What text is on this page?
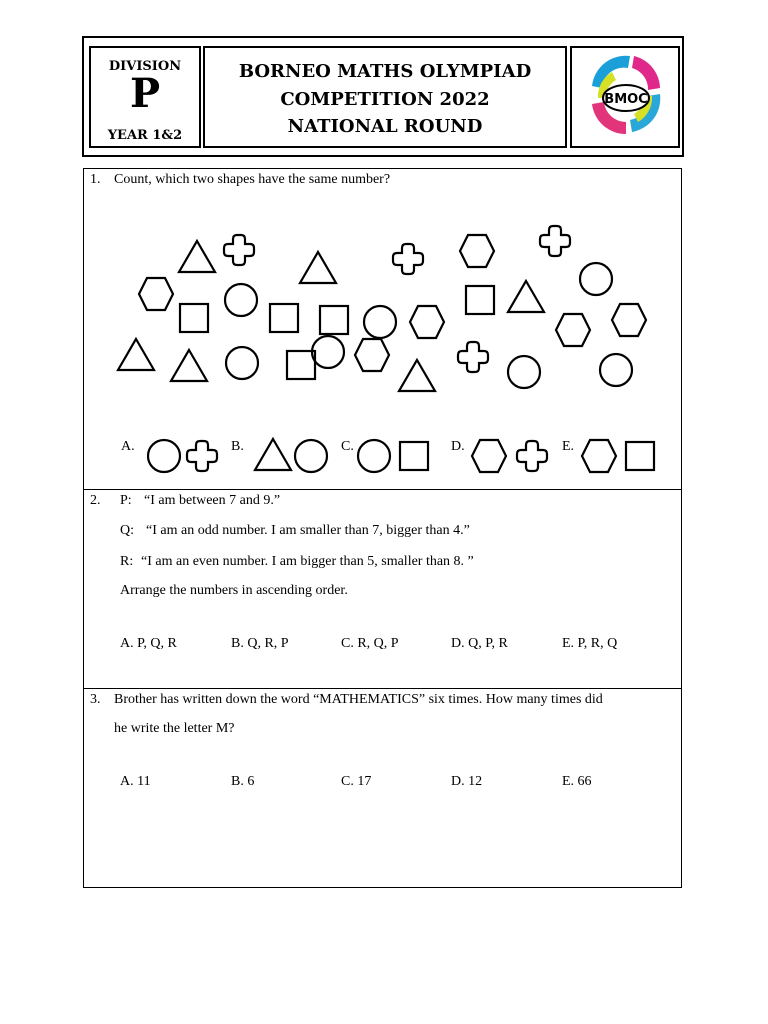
DIVISION
P
YEAR 1&2
BORNEO MATHS OLYMPIAD
COMPETITION 2022
NATIONAL ROUND
BMOC
1. Count, which two shapes have the same number?
A.	B.	C.	D.	E.
2. P: “I am between 7 and 9.”
Q: “I am an odd number. I am smaller than 7, bigger than 4.”
R: “I am an even number. I am bigger than 5, smaller than 8. ”
Arrange the numbers in ascending order.
A. P, Q, R	B. Q, R, P	C. R, Q, P	D. Q, P, R	E. P, R, Q
3. Brother has written down the word “MATHEMATICS” six times. How many times did
he write the letter M?
A. 11	B. 6	C. 17	D. 12	E. 66
